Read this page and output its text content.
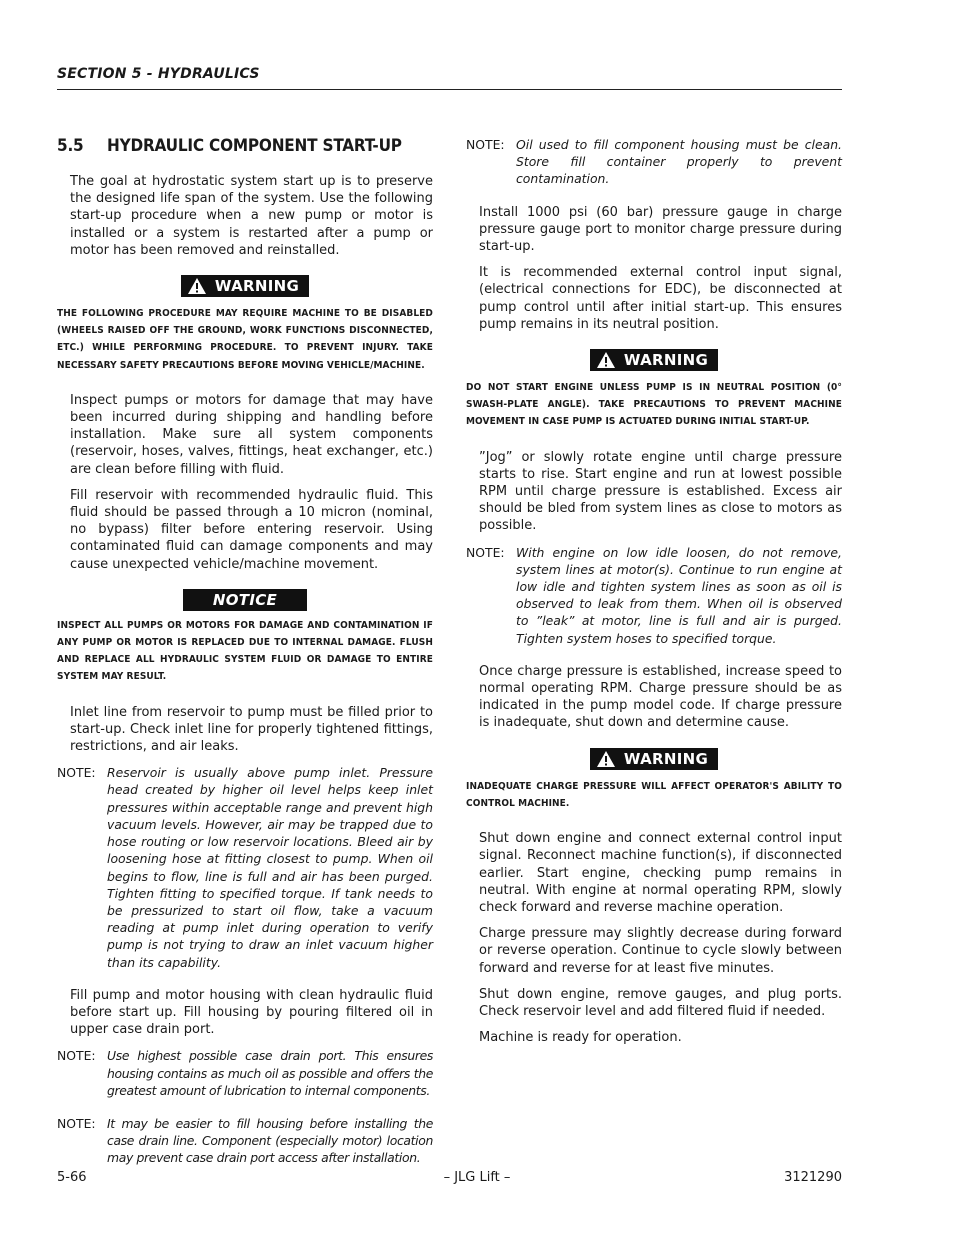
SECTION 5 - HYDRAULICS
5.5	HYDRAULIC COMPONENT START-UP

The goal at hydrostatic system start up is to preserve the designed life span of the system. Use the following start-up procedure when a new pump or motor is installed or a system is restarted after a pump or motor has been removed and reinstalled.

WARNING
THE FOLLOWING PROCEDURE MAY REQUIRE MACHINE TO BE DISABLED (WHEELS RAISED OFF THE GROUND, WORK FUNCTIONS DISCONNECTED, ETC.) WHILE PERFORMING PROCEDURE. TO PREVENT INJURY. TAKE NECESSARY SAFETY PRECAUTIONS BEFORE MOVING VEHICLE/MACHINE.

Inspect pumps or motors for damage that may have been incurred during shipping and handling before installation. Make sure all system components (reservoir, hoses, valves, fittings, heat exchanger, etc.) are clean before filling with fluid.

Fill reservoir with recommended hydraulic fluid. This fluid should be passed through a 10 micron (nominal, no bypass) filter before entering reservoir. Using contaminated fluid can damage components and may cause unexpected vehicle/machine movement.

NOTICE
INSPECT ALL PUMPS OR MOTORS FOR DAMAGE AND CONTAMINATION IF ANY PUMP OR MOTOR IS REPLACED DUE TO INTERNAL DAMAGE. FLUSH AND REPLACE ALL HYDRAULIC SYSTEM FLUID OR DAMAGE TO ENTIRE SYSTEM MAY RESULT.

Inlet line from reservoir to pump must be filled prior to start-up. Check inlet line for properly tightened fittings, restrictions, and air leaks.

NOTE: Reservoir is usually above pump inlet. Pressure head created by higher oil level helps keep inlet pressures within acceptable range and prevent high vacuum levels. However, air may be trapped due to hose routing or low reservoir locations. Bleed air by loosening hose at fitting closest to pump. When oil begins to flow, line is full and air has been purged. Tighten fitting to specified torque. If tank needs to be pressurized to start oil flow, take a vacuum reading at pump inlet during operation to verify pump is not trying to draw an inlet vacuum higher than its capability.

Fill pump and motor housing with clean hydraulic fluid before start up. Fill housing by pouring filtered oil in upper case drain port.

NOTE: Use highest possible case drain port. This ensures housing contains as much oil as possible and offers the greatest amount of lubrication to internal components.
NOTE: It may be easier to fill housing before installing the case drain line. Component (especially motor) location may prevent case drain port access after installation.
NOTE: Oil used to fill component housing must be clean. Store fill container properly to prevent contamination.

Install 1000 psi (60 bar) pressure gauge in charge pressure gauge port to monitor charge pressure during start-up.

It is recommended external control input signal, (electrical connections for EDC), be disconnected at pump control until after initial start-up. This ensures pump remains in its neutral position.

WARNING
DO NOT START ENGINE UNLESS PUMP IS IN NEUTRAL POSITION (0° SWASH-PLATE ANGLE). TAKE PRECAUTIONS TO PREVENT MACHINE MOVEMENT IN CASE PUMP IS ACTUATED DURING INITIAL START-UP.

”Jog” or slowly rotate engine until charge pressure starts to rise. Start engine and run at lowest possible RPM until charge pressure is established. Excess air should be bled from system lines as close to motors as possible.

NOTE: With engine on low idle loosen, do not remove, system lines at motor(s). Continue to run engine at low idle and tighten system lines as soon as oil is observed to leak from them. When oil is observed to ”leak” at motor, line is full and air is purged. Tighten system hoses to specified torque.

Once charge pressure is established, increase speed to normal operating RPM. Charge pressure should be as indicated in the pump model code. If charge pressure is inadequate, shut down and determine cause.

WARNING
INADEQUATE CHARGE PRESSURE WILL AFFECT OPERATOR'S ABILITY TO CONTROL MACHINE.

Shut down engine and connect external control input signal. Reconnect machine function(s), if disconnected earlier. Start engine, checking pump remains in neutral. With engine at normal operating RPM, slowly check forward and reverse machine operation.

Charge pressure may slightly decrease during forward or reverse operation. Continue to cycle slowly between forward and reverse for at least five minutes.

Shut down engine, remove gauges, and plug ports. Check reservoir level and add filtered fluid if needed.

Machine is ready for operation.

5-66	– JLG Lift –	3121290
